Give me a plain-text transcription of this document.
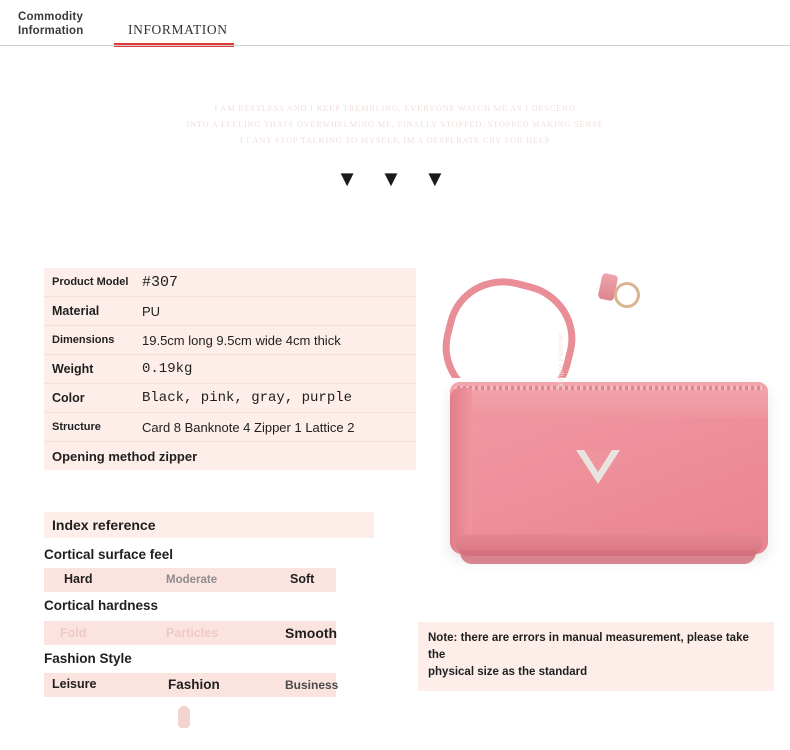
Commodity Information	INFORMATION
I AM RESTLESS AND I KEEP TREMBLING, EVERYONE WATCH ME AS I DESCEND
INTO A FEELING THATS OVERWHELMING ME, FINALLY STOPPED, STOPPED MAKING SENSE
I CANT STOP TALKING TO MYSELF, IM A DESPERATE CRY FOR HELP
▼ ▼ ▼
Product Model #307
Material	PU
Dimensions	19.5cm long 9.5cm wide 4cm thick
Weight	0.19kg
Color	Black, pink, gray, purple
Structure	Card 8 Banknote 4 Zipper 1 Lattice 2
Opening method zipper
Index reference
Cortical surface feel
Hard	Moderate	Soft
Cortical hardness
Fold	Particles	Smooth
Fashion Style
Leisure	Fashion	Business
Simple Fashion
Note: there are errors in manual measurement, please take the
physical size as the standard
